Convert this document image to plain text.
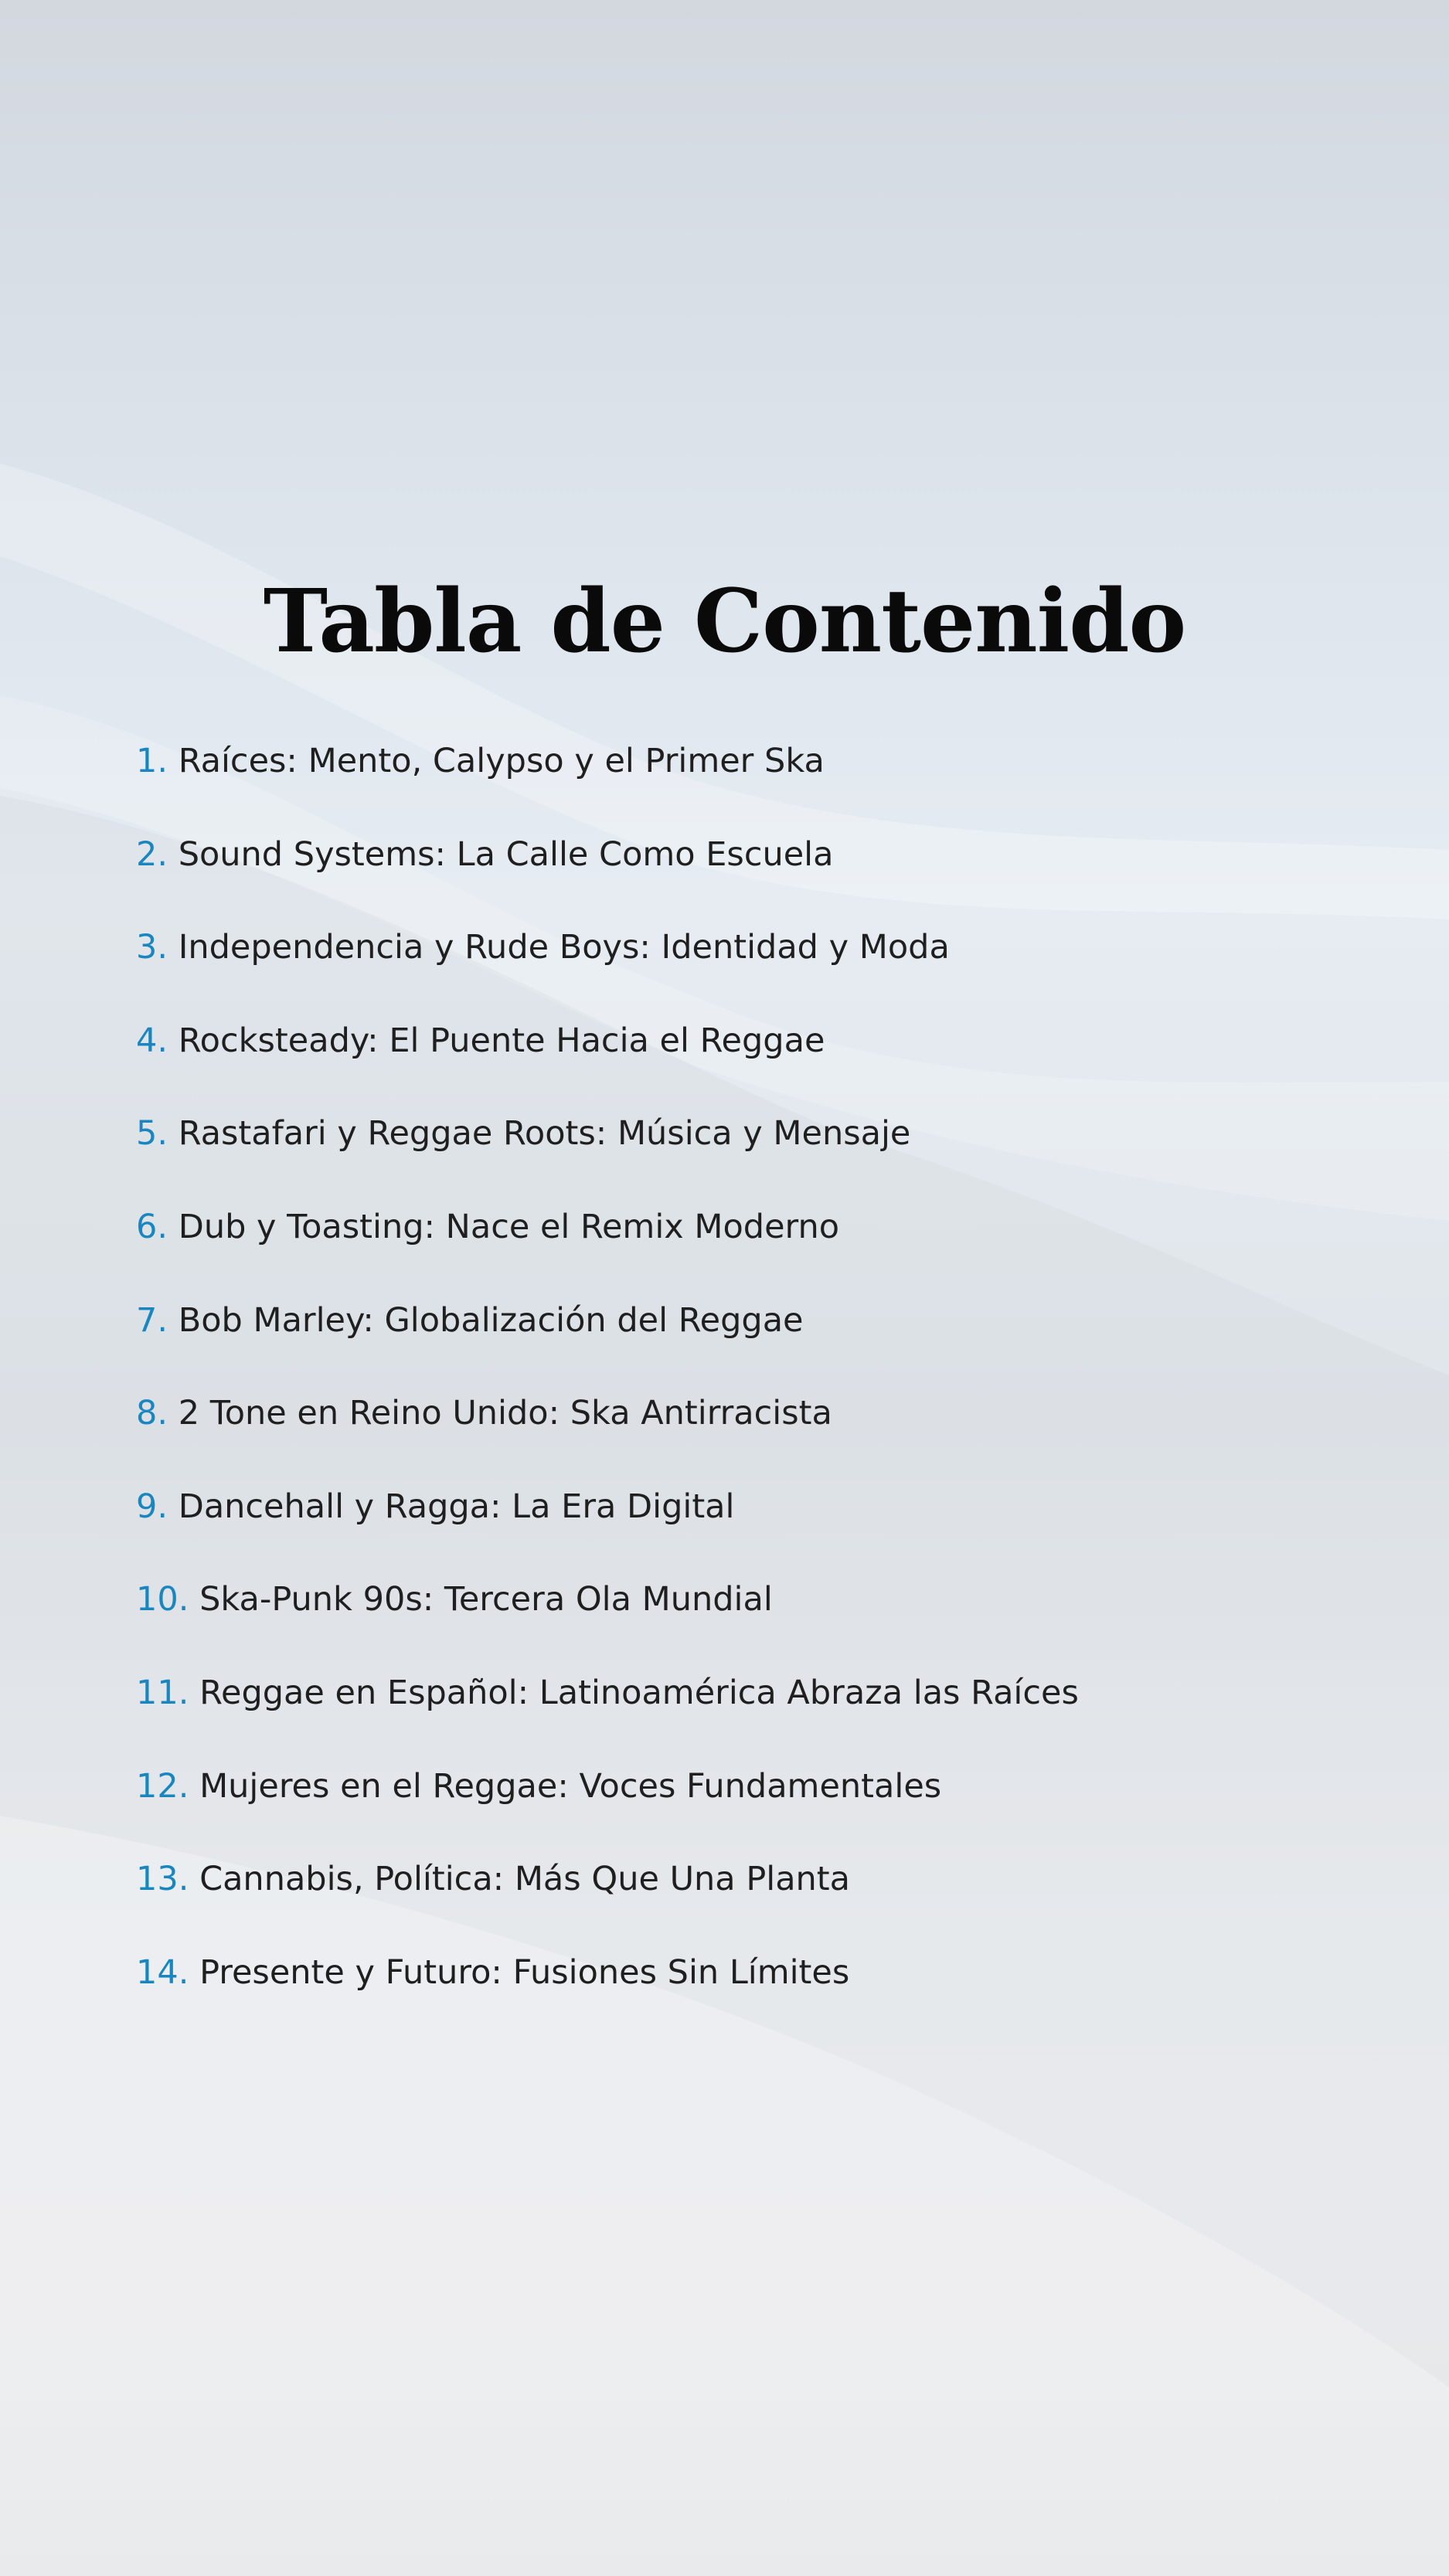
Tabla de Contenido
1. Raíces: Mento, Calypso y el Primer Ska
2. Sound Systems: La Calle Como Escuela
3. Independencia y Rude Boys: Identidad y Moda
4. Rocksteady: El Puente Hacia el Reggae
5. Rastafari y Reggae Roots: Música y Mensaje
6. Dub y Toasting: Nace el Remix Moderno
7. Bob Marley: Globalización del Reggae
8. 2 Tone en Reino Unido: Ska Antirracista
9. Dancehall y Ragga: La Era Digital
10. Ska-Punk 90s: Tercera Ola Mundial
11. Reggae en Español: Latinoamérica Abraza las Raíces
12. Mujeres en el Reggae: Voces Fundamentales
13. Cannabis, Política: Más Que Una Planta
14. Presente y Futuro: Fusiones Sin Límites
